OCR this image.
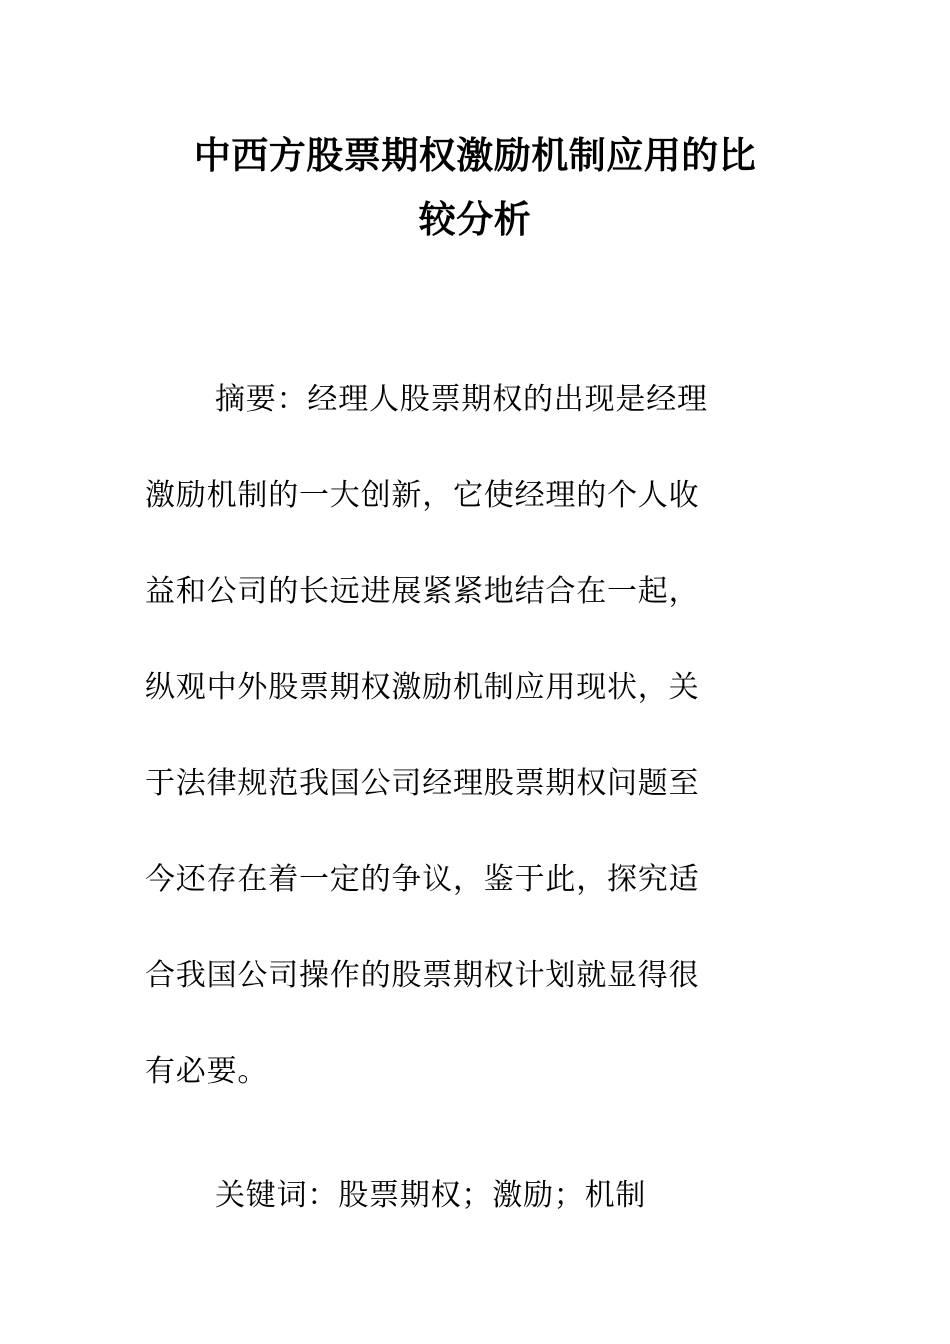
中西方股票期权激励机制应用的比
较分析

摘要：经理人股票期权的出现是经理
激励机制的一大创新，它使经理的个人收
益和公司的长远进展紧紧地结合在一起，
纵观中外股票期权激励机制应用现状，关
于法律规范我国公司经理股票期权问题至
今还存在着一定的争议，鉴于此，探究适
合我国公司操作的股票期权计划就显得很
有必要。

关键词：股票期权；激励；机制
